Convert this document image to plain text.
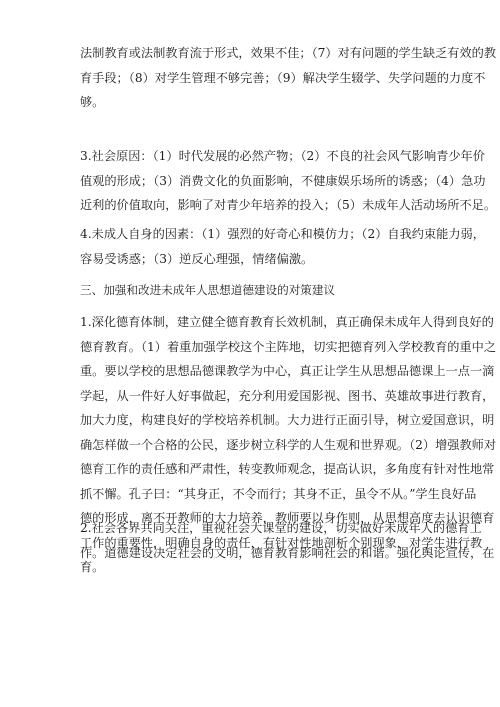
法制教育或法制教育流于形式，效果不佳；（7）对有问题的学生缺乏有效的教
育手段；（8）对学生管理不够完善；（9）解决学生辍学、失学问题的力度不
够。
3.社会原因：（1）时代发展的必然产物；（2）不良的社会风气影响青少年价
值观的形成；（3）消费文化的负面影响，不健康娱乐场所的诱惑；（4）急功
近利的价值取向，影响了对青少年培养的投入；（5）未成年人活动场所不足。
4.未成人自身的因素：（1）强烈的好奇心和模仿力；（2）自我约束能力弱，
容易受诱惑；（3）逆反心理强，情绪偏激。
三、加强和改进未成年人思想道德建设的对策建议
1.深化德育体制，建立健全德育教育长效机制，真正确保未成年人得到良好的
德育教育。（1）着重加强学校这个主阵地，切实把德育列入学校教育的重中之
重。要以学校的思想品德课教学为中心，真正让学生从思想品德课上一点一滴
学起，从一件好人好事做起，充分利用爱国影视、图书、英雄故事进行教育，
加大力度，构建良好的学校培养机制。大力进行正面引导，树立爱国意识，明
确怎样做一个合格的公民，逐步树立科学的人生观和世界观。（2）增强教师对
德育工作的责任感和严肃性，转变教师观念，提高认识，多角度有针对性地常
抓不懈。孔子曰：“其身正，不令而行；其身不正，虽令不从。”学生良好品
德的形成，离不开教师的大力培养，教师要以身作则，从思想高度去认识德育
工作的重要性，明确自身的责任，有针对性地剖析个别现象，对学生进行教
育。
2.社会各界共同关注，重视社会大课堂的建设，切实做好未成年人的德育工
作。道德建设决定社会的文明，德育教育影响社会的和谐。强化舆论宣传，在
